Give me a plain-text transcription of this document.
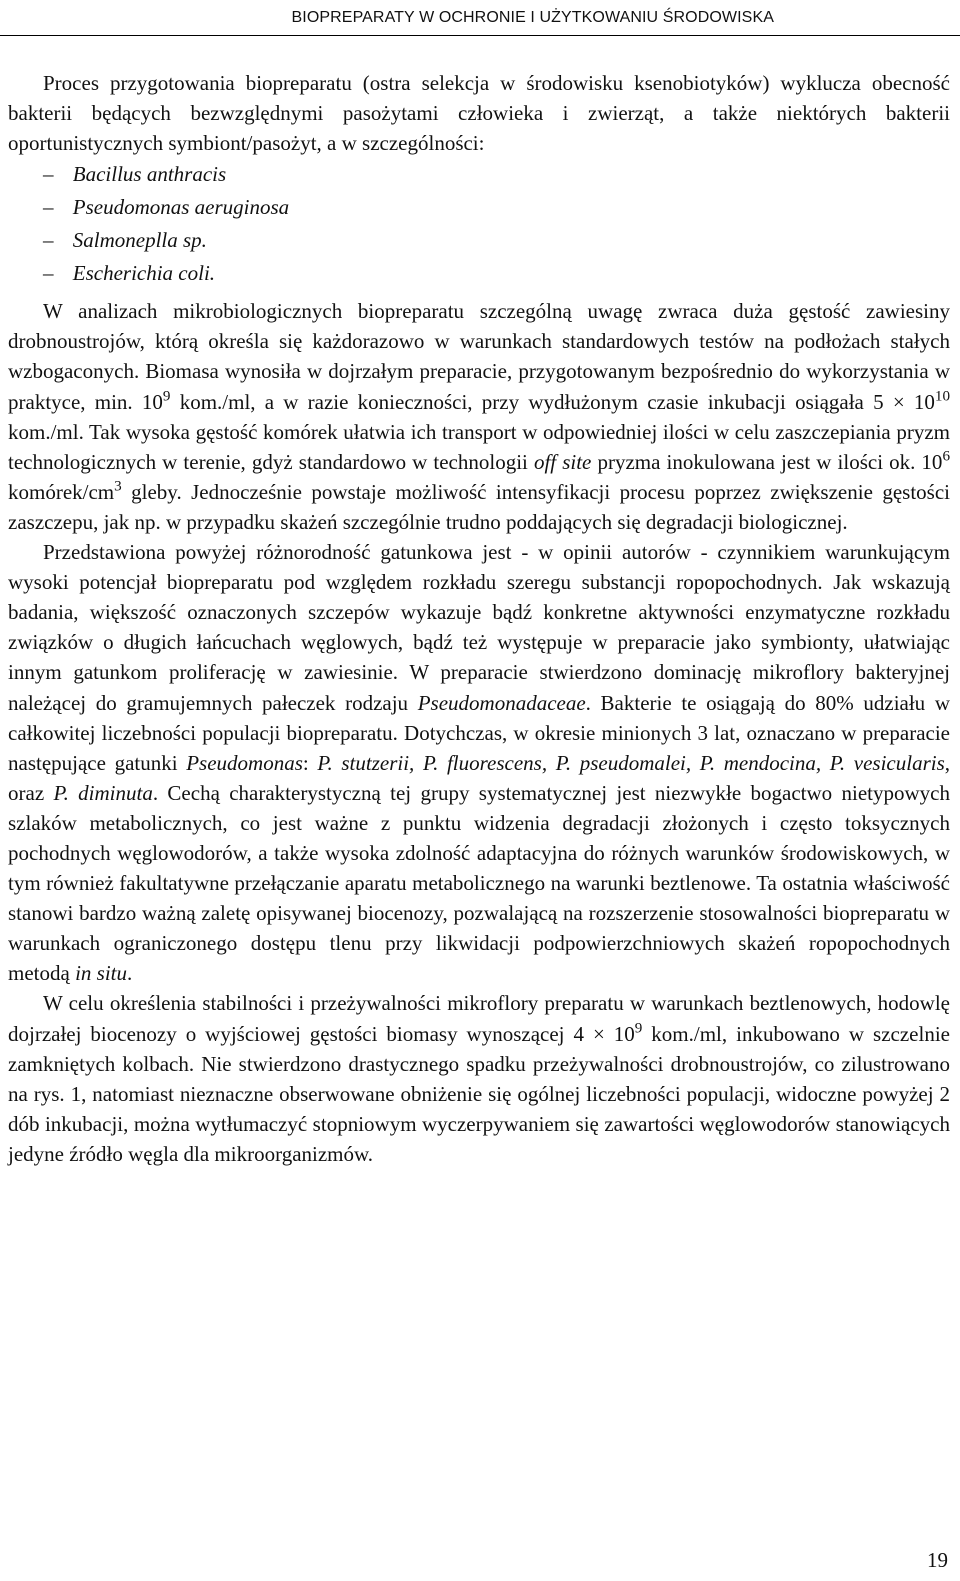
BIOPREPARATY W OCHRONIE I UŻYTKOWANIU ŚRODOWISKA

Proces przygotowania biopreparatu (ostra selekcja w środowisku ksenobiotyków) wyklucza obecność bakterii będących bezwzględnymi pasożytami człowieka i zwierząt, a także niektórych bakterii oportunistycznych symbiont/pasożyt, a w szczególności:

– Bacillus anthracis
– Pseudomonas aeruginosa
– Salmoneplla sp.
– Escherichia coli.

W analizach mikrobiologicznych biopreparatu szczególną uwagę zwraca duża gęstość zawiesiny drobnoustrojów, którą określa się każdorazowo w warunkach standardowych testów na podłożach stałych wzbogaconych. Biomasa wynosiła w dojrzałym preparacie, przygotowanym bezpośrednio do wykorzystania w praktyce, min. $10^9$ kom./ml, a w razie konieczności, przy wydłużonym czasie inkubacji osiągała $5 \times 10^{10}$ kom./ml. Tak wysoka gęstość komórek ułatwia ich transport w odpowiedniej ilości w celu zaszczepiania pryzm technologicznych w terenie, gdyż standardowo w technologii off site pryzma inokulowana jest w ilości ok. $10^6$ komórek/$cm^3$ gleby. Jednocześnie powstaje możliwość intensyfikacji procesu poprzez zwiększenie gęstości zaszczepu, jak np. w przypadku skażeń szczególnie trudno poddających się degradacji biologicznej.

Przedstawiona powyżej różnorodność gatunkowa jest - w opinii autorów - czynnikiem warunkującym wysoki potencjał biopreparatu pod względem rozkładu szeregu substancji ropopochodnych. Jak wskazują badania, większość oznaczonych szczepów wykazuje bądź konkretne aktywności enzymatyczne rozkładu związków o długich łańcuchach węglowych, bądź też występuje w preparacie jako symbionty, ułatwiając innym gatunkom proliferację w zawiesinie. W preparacie stwierdzono dominację mikroflory bakteryjnej należącej do gramujemnych pałeczek rodzaju Pseudomonadaceae. Bakterie te osiągają do 80% udziału w całkowitej liczebności populacji biopreparatu. Dotychczas, w okresie minionych 3 lat, oznaczano w preparacie następujące gatunki Pseudomonas: P. stutzerii, P. fluorescens, P. pseudomalei, P. mendocina, P. vesicularis, oraz P. diminuta. Cechą charakterystyczną tej grupy systematycznej jest niezwykłe bogactwo nietypowych szlaków metabolicznych, co jest ważne z punktu widzenia degradacji złożonych i często toksycznych pochodnych węglowodorów, a także wysoka zdolność adaptacyjna do różnych warunków środowiskowych, w tym również fakultatywne przełączanie aparatu metabolicznego na warunki beztlenowe. Ta ostatnia właściwość stanowi bardzo ważną zaletę opisywanej biocenozy, pozwalającą na rozszerzenie stosowalności biopreparatu w warunkach ograniczonego dostępu tlenu przy likwidacji podpowierzchniowych skażeń ropopochodnych metodą in situ.

W celu określenia stabilności i przeżywalności mikroflory preparatu w warunkach beztlenowych, hodowlę dojrzałej biocenozy o wyjściowej gęstości biomasy wynoszącej $4 \times 10^9$ kom./ml, inkubowano w szczelnie zamkniętych kolbach. Nie stwierdzono drastycznego spadku przeżywalności drobnoustrojów, co zilustrowano na rys. 1, natomiast nieznaczne obserwowane obniżenie się ogólnej liczebności populacji, widoczne powyżej 2 dób inkubacji, można wytłumaczyć stopniowym wyczerpywaniem się zawartości węglowodorów stanowiących jedyne źródło węgla dla mikroorganizmów.

19
